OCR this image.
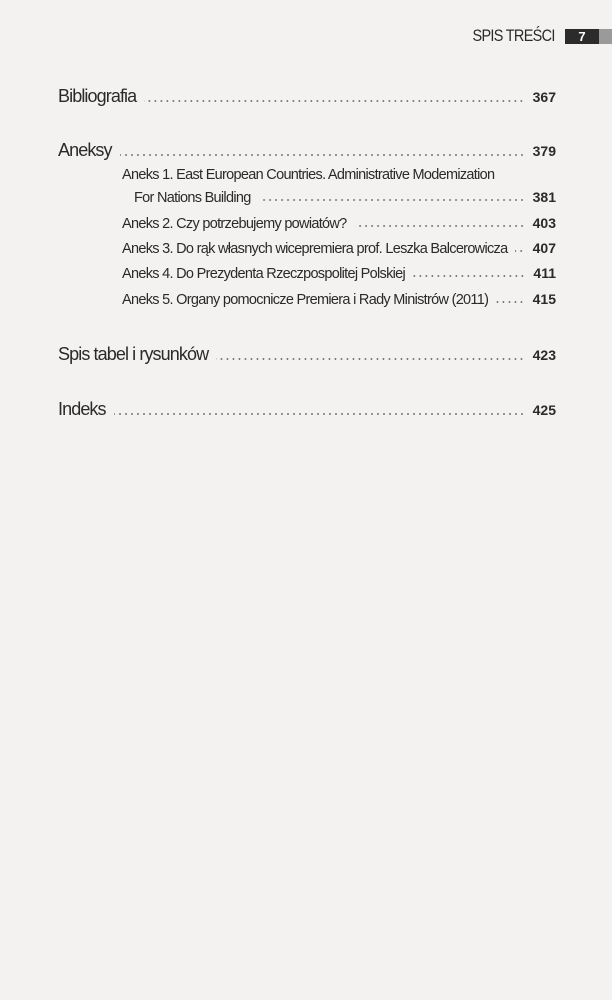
SPIS TREŚCI	7
Bibliografia	367
Aneksy	379
Aneks 1. East European Countries. Administrative Modemization
For Nations Building	381
Aneks 2. Czy potrzebujemy powiatów?	403
Aneks 3. Do rąk własnych wicepremiera prof. Leszka Balcerowicza 407
Aneks 4. Do Prezydenta Rzeczpospolitej Polskiej	411
Aneks 5. Organy pomocnicze Premiera i Rady Ministrów (2011)	415
Spis tabel i rysunków	423
Indeks	425
